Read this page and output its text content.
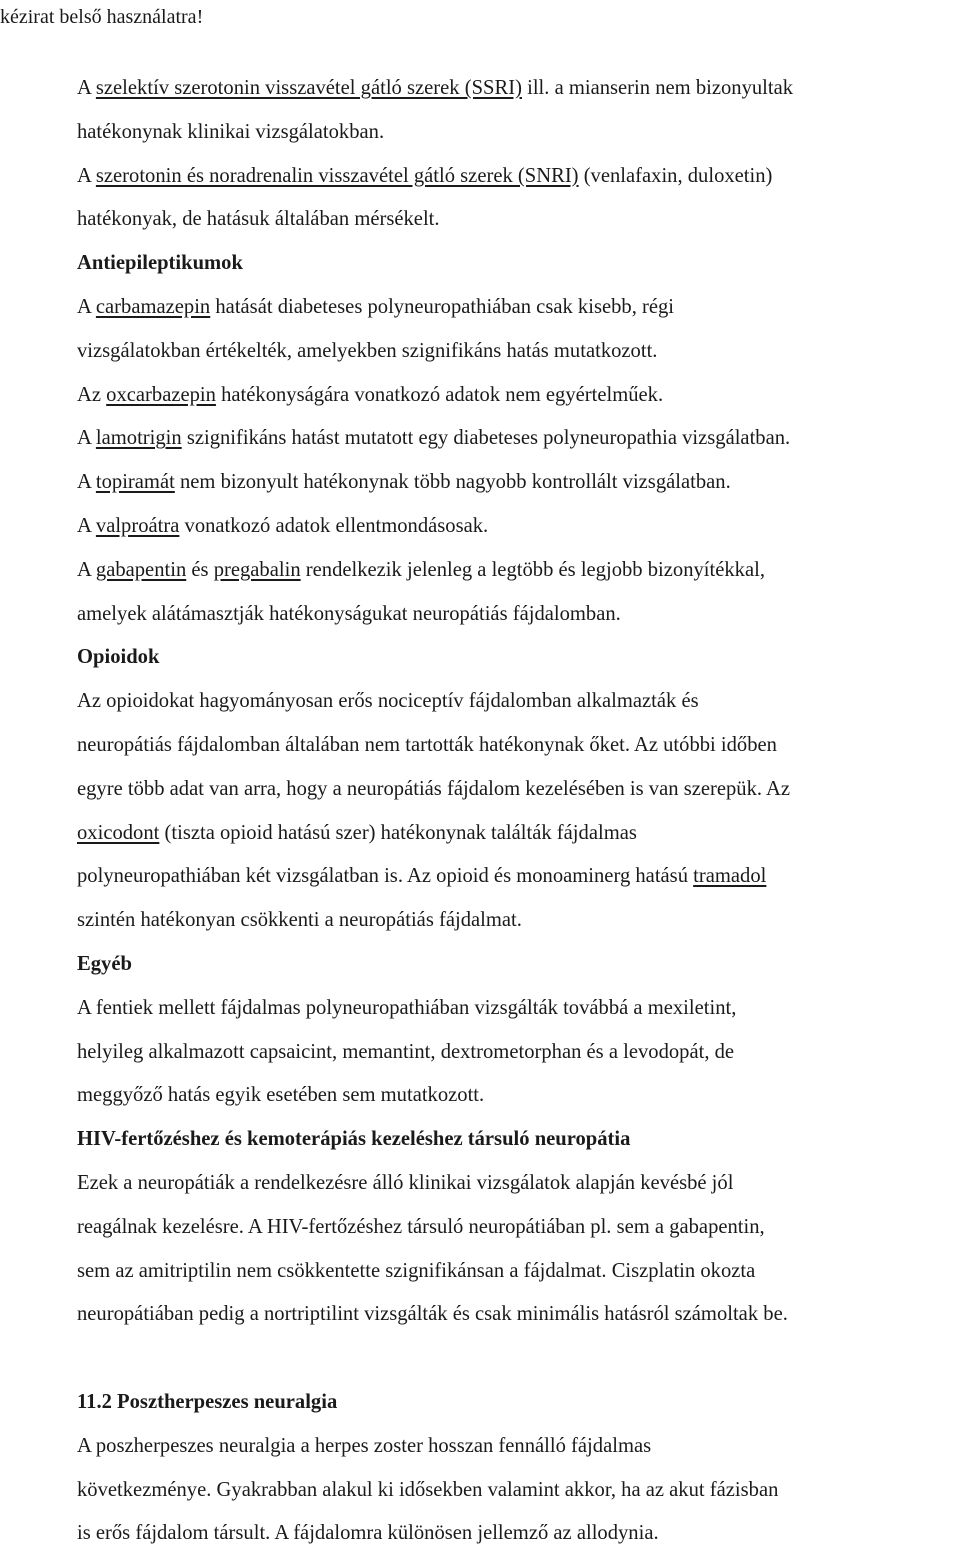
kézirat belső használatra!
A szelektív szerotonin visszavétel gátló szerek (SSRI) ill. a mianserin nem bizonyultak
hatékonynak klinikai vizsgálatokban.
A szerotonin és noradrenalin visszavétel gátló szerek (SNRI) (venlafaxin, duloxetin)
hatékonyak, de hatásuk általában mérsékelt.
Antiepileptikumok
A carbamazepin hatását diabeteses polyneuropathiában csak kisebb, régi
vizsgálatokban értékelték, amelyekben szignifikáns hatás mutatkozott.
Az oxcarbazepin hatékonyságára vonatkozó adatok nem egyértelműek.
A lamotrigin szignifikáns hatást mutatott egy diabeteses polyneuropathia vizsgálatban.
A topiramát nem bizonyult hatékonynak több nagyobb kontrollált vizsgálatban.
A valproátra vonatkozó adatok ellentmondásosak.
A gabapentin és pregabalin rendelkezik jelenleg a legtöbb és legjobb bizonyítékkal,
amelyek alátámasztják hatékonyságukat neuropátiás fájdalomban.
Opioidok
Az opioidokat hagyományosan erős nociceptív fájdalomban alkalmazták és
neuropátiás fájdalomban általában nem tartották hatékonynak őket. Az utóbbi időben
egyre több adat van arra, hogy a neuropátiás fájdalom kezelésében is van szerepük. Az
oxicodont (tiszta opioid hatású szer) hatékonynak találták fájdalmas
polyneuropathiában két vizsgálatban is. Az opioid és monoaminerg hatású tramadol
szintén hatékonyan csökkenti a neuropátiás fájdalmat.
Egyéb
A fentiek mellett fájdalmas polyneuropathiában vizsgálták továbbá a mexiletint,
helyileg alkalmazott capsaicint, memantint, dextrometorphan és a levodopát, de
meggyőző hatás egyik esetében sem mutatkozott.
HIV-fertőzéshez és kemoterápiás kezeléshez társuló neuropátia
Ezek a neuropátiák a rendelkezésre álló klinikai vizsgálatok alapján kevésbé jól
reagálnak kezelésre. A HIV-fertőzéshez társuló neuropátiában pl. sem a gabapentin,
sem az amitriptilin nem csökkentette szignifikánsan a fájdalmat. Ciszplatin okozta
neuropátiában pedig a nortriptilint vizsgálták és csak minimális hatásról számoltak be.
11.2 Posztherpeszes neuralgia
A poszherpeszes neuralgia a herpes zoster hosszan fennálló fájdalmas
következménye. Gyakrabban alakul ki idősekben valamint akkor, ha az akut fázisban
is erős fájdalom társult. A fájdalomra különösen jellemző az allodynia.
